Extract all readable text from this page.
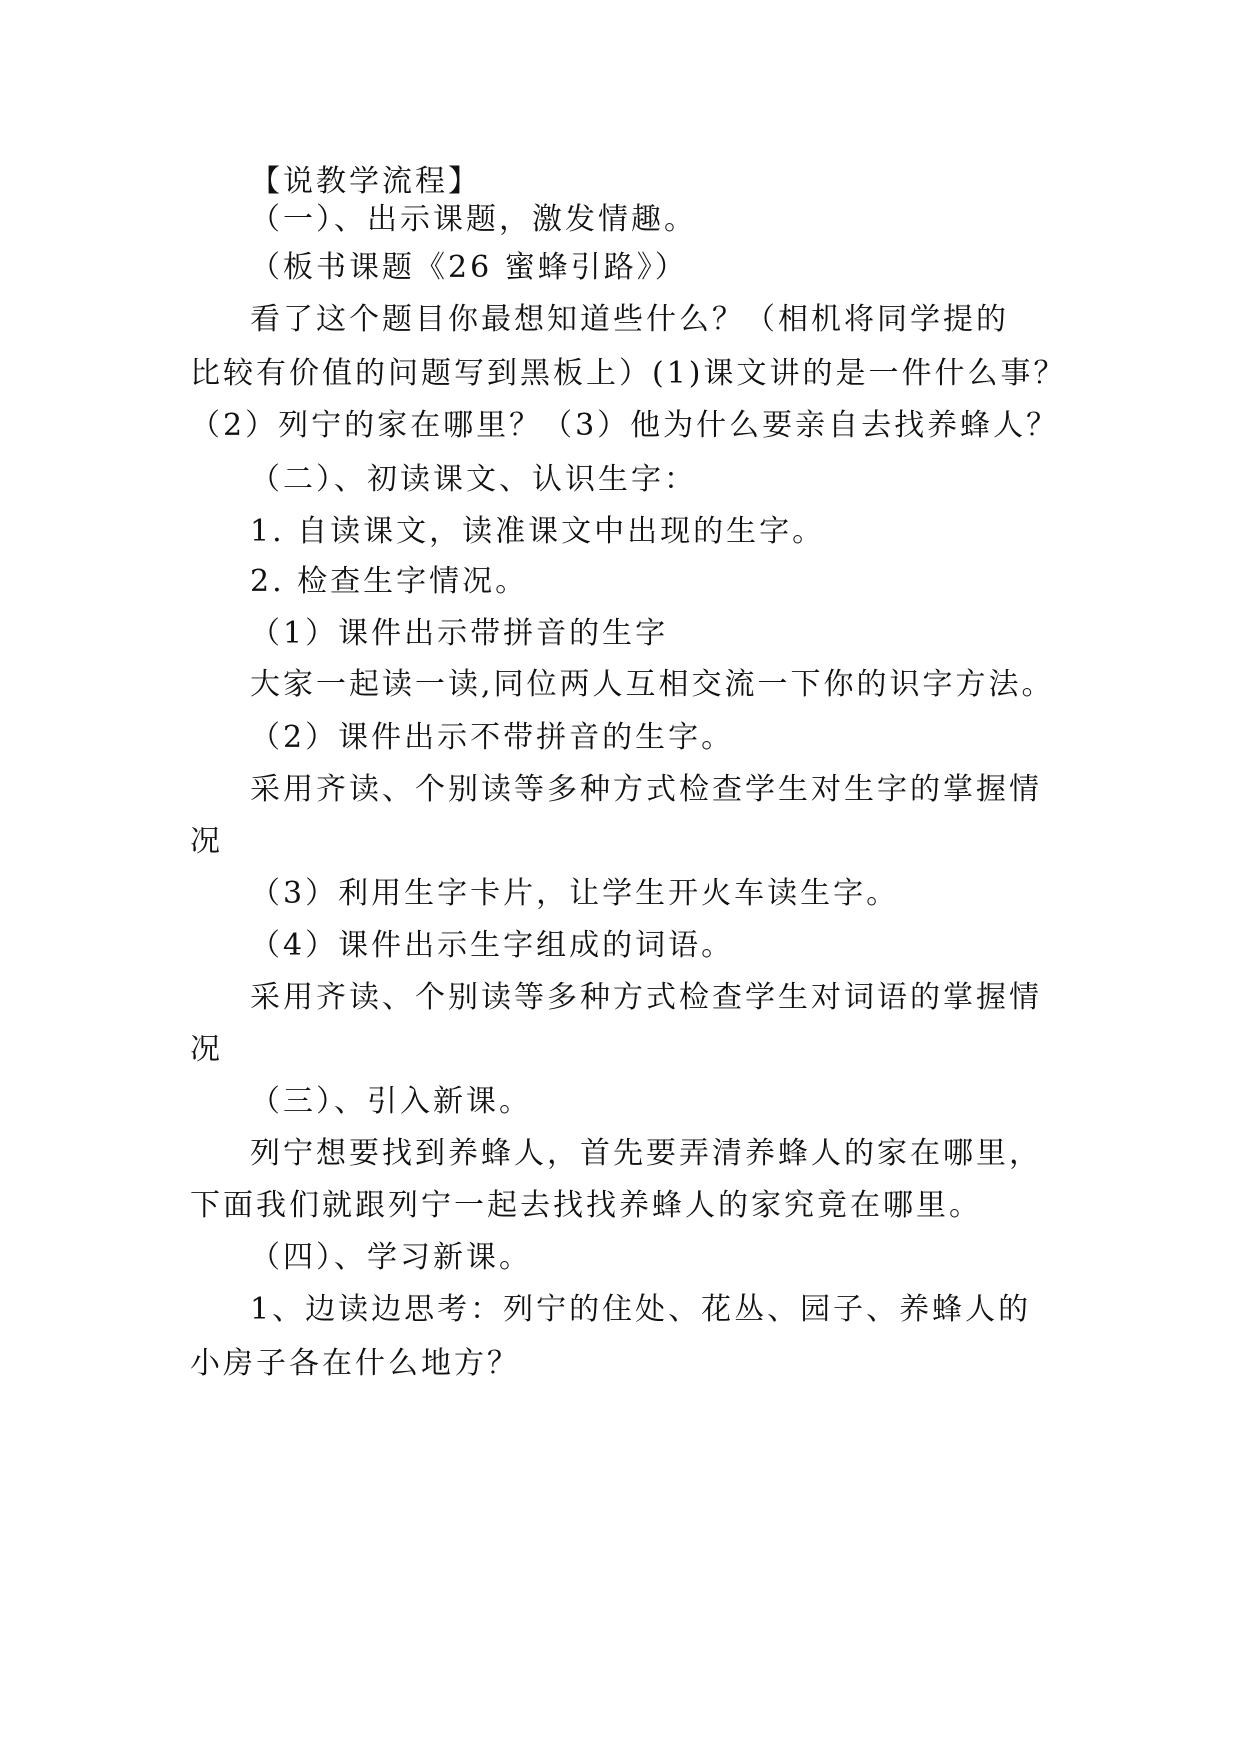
【说教学流程】
（一）、出示课题，激发情趣。
（板书课题《26 蜜蜂引路》）
看了这个题目你最想知道些什么？（相机将同学提的
比较有价值的问题写到黑板上）(1)课文讲的是一件什么事？
（2）列宁的家在哪里？（3）他为什么要亲自去找养蜂人？
（二）、初读课文、认识生字：
1. 自读课文，读准课文中出现的生字。
2. 检查生字情况。
（1）课件出示带拼音的生字
大家一起读一读,同位两人互相交流一下你的识字方法。
（2）课件出示不带拼音的生字。
采用齐读、个别读等多种方式检查学生对生字的掌握情
况
（3）利用生字卡片，让学生开火车读生字。
（4）课件出示生字组成的词语。
采用齐读、个别读等多种方式检查学生对词语的掌握情
况
（三）、引入新课。
列宁想要找到养蜂人，首先要弄清养蜂人的家在哪里，
下面我们就跟列宁一起去找找养蜂人的家究竟在哪里。
（四）、学习新课。
1、边读边思考：列宁的住处、花丛、园子、养蜂人的
小房子各在什么地方？
